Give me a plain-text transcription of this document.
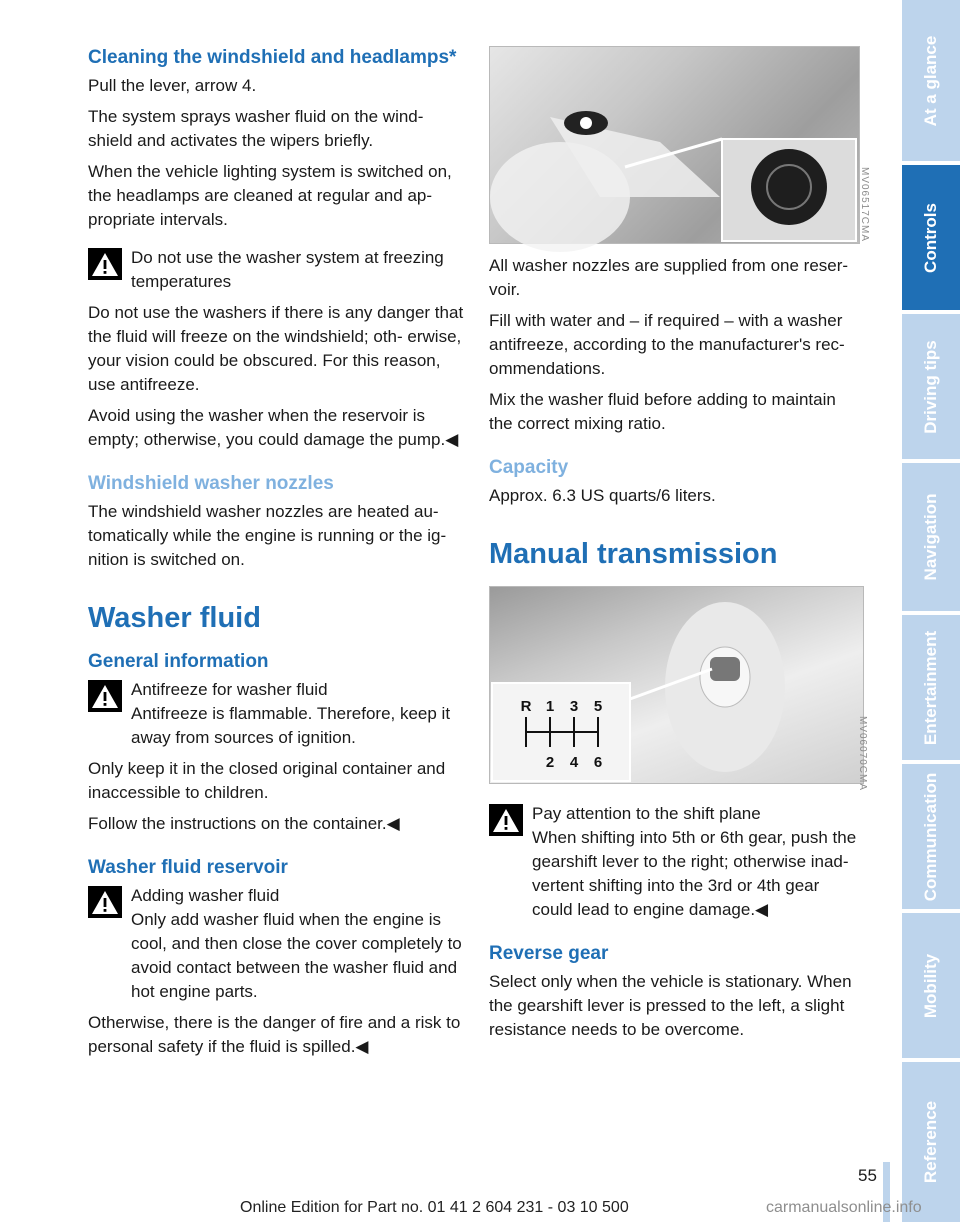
Cleaning the windshield and headlamps*

Pull the lever, arrow 4.

The system sprays washer fluid on the wind- shield and activates the wipers briefly.

When the vehicle lighting system is switched on, the headlamps are cleaned at regular and ap- propriate intervals.

Do not use the washer system at freezing temperatures

Do not use the washers if there is any danger that the fluid will freeze on the windshield; oth- erwise, your vision could be obscured. For this reason, use antifreeze.

Avoid using the washer when the reservoir is empty; otherwise, you could damage the pump.◀

Windshield washer nozzles

The windshield washer nozzles are heated au- tomatically while the engine is running or the ig- nition is switched on.

Washer fluid
General information
Antifreeze for washer fluid
Antifreeze is flammable. Therefore, keep it away from sources of ignition.

Only keep it in the closed original container and inaccessible to children.

Follow the instructions on the container.◀

Washer fluid reservoir
Adding washer fluid
Only add washer fluid when the engine is cool, and then close the cover completely to avoid contact between the washer fluid and hot engine parts.

Otherwise, there is the danger of fire and a risk to personal safety if the fluid is spilled.◀

MV06517CMA

All washer nozzles are supplied from one reser- voir.

Fill with water and – if required – with a washer antifreeze, according to the manufacturer's rec- ommendations.

Mix the washer fluid before adding to maintain the correct mixing ratio.

Capacity

Approx. 6.3 US quarts/6 liters.

Manual transmission
R 1 3 5
2 4 6	MV06070CMA
Pay attention to the shift plane
When shifting into 5th or 6th gear, push the gearshift lever to the right; otherwise inad- vertent shifting into the 3rd or 4th gear could lead to engine damage.◀
Reverse gear

Select only when the vehicle is stationary. When the gearshift lever is pressed to the left, a slight resistance needs to be overcome.

At a glance
Controls
Driving tips
Navigation
Entertainment
Communication
Mobility
Reference
55
Online Edition for Part no. 01 41 2 604 231 - 03 10 500	carmanualsonline.info
